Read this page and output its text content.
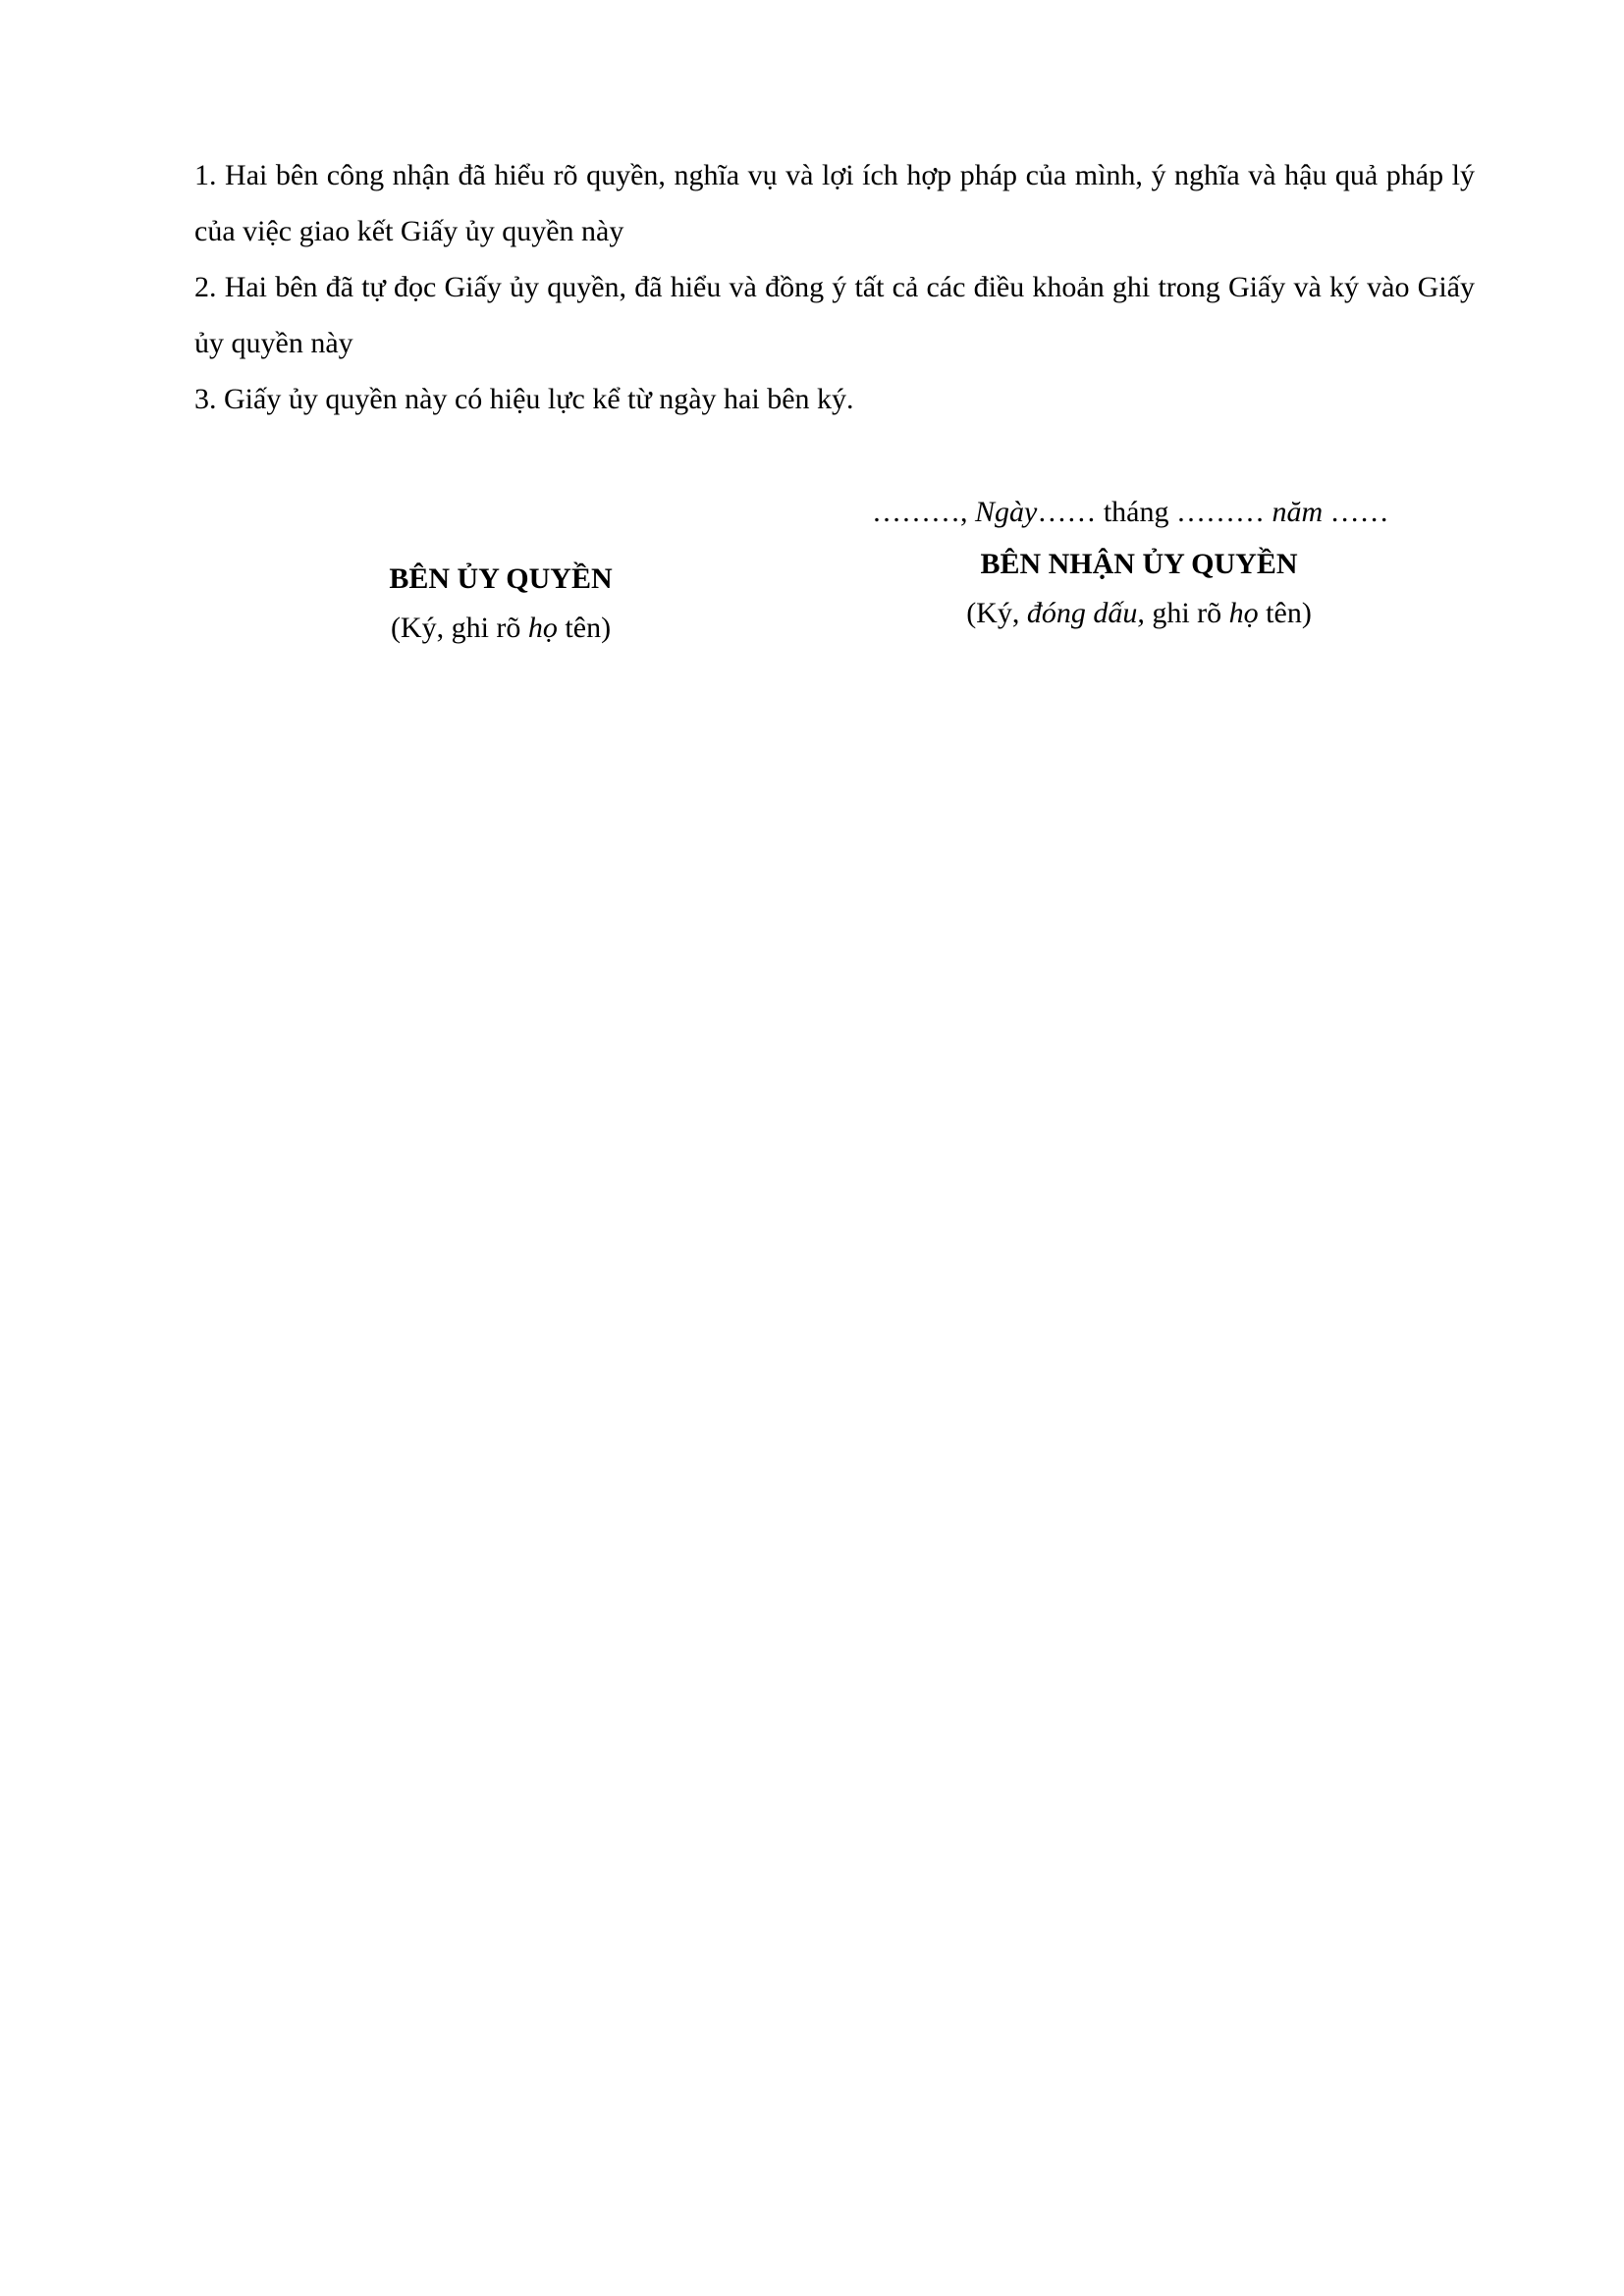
1. Hai bên công nhận đã hiểu rõ quyền, nghĩa vụ và lợi ích hợp pháp của mình, ý nghĩa và hậu quả pháp lý của việc giao kết Giấy ủy quyền này

2. Hai bên đã tự đọc Giấy ủy quyền, đã hiểu và đồng ý tất cả các điều khoản ghi trong Giấy và ký vào Giấy ủy quyền này

3. Giấy ủy quyền này có hiệu lực kể từ ngày hai bên ký.

………, Ngày…… tháng ……… năm ……
BÊN ỦY QUYỀN
(Ký, ghi rõ họ tên)
BÊN NHẬN ỦY QUYỀN
(Ký, đóng dấu, ghi rõ họ tên)
